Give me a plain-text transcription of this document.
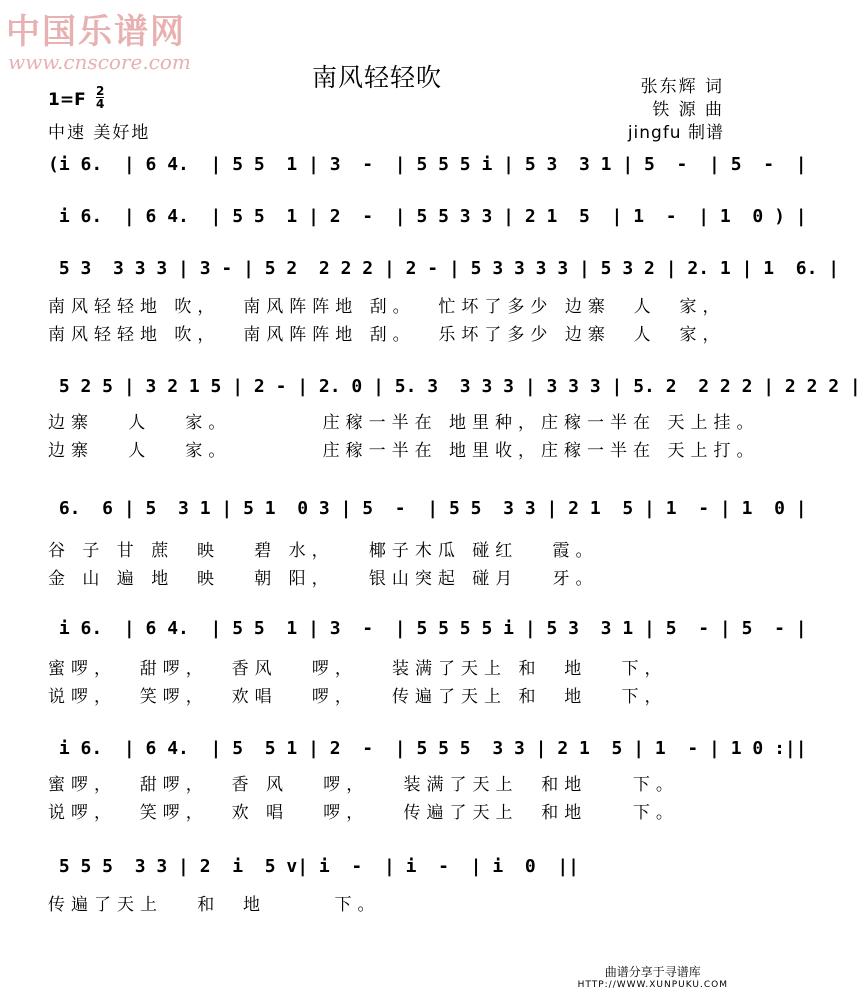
中国乐谱网
www.cnscore.com
南风轻轻吹	张东辉 词
铁 源 曲
jingfu 制谱
1=F 2
4
中速 美好地
(i 6.  | 6 4.  | 5 5  1 | 3  -  | 5 5 5 i | 5 3  3 1 | 5  -  | 5  -  |
i 6.  | 6 4.  | 5 5  1 | 2  -  | 5 5 3 3 | 2 1  5  | 1  -  | 1  0 ) |
5 3  3 3 3 | 3 - | 5 2  2 2 2 | 2 - | 5 3 3 3 3 | 5 3 2 | 2. 1 | 1  6. |
南风轻轻地 吹，  南风阵阵地 刮。  忙坏了多少 边寨  人  家，
南风轻轻地 吹，  南风阵阵地 刮。  乐坏了多少 边寨  人  家，
5 2 5 | 3 2 1 5 | 2 - | 2. 0 | 5. 3  3 3 3 | 3 3 3 | 5. 2  2 2 2 | 2 2 2 |
边寨   人   家。        庄稼一半在 地里种，庄稼一半在 天上挂。
边寨   人   家。        庄稼一半在 地里收，庄稼一半在 天上打。
6.  6 | 5  3 1 | 5 1  0 3 | 5  -  | 5 5  3 3 | 2 1  5 | 1  - | 1  0 |
谷 子 甘 蔗  映   碧 水，   椰子木瓜 碰红   霞。
金 山 遍 地  映   朝 阳，   银山突起 碰月   牙。
i 6.  | 6 4.  | 5 5  1 | 3  -  | 5 5 5 5 i | 5 3  3 1 | 5  - | 5  - |
蜜啰，  甜啰，  香风   啰，   装满了天上 和  地   下，
说啰，  笑啰，  欢唱   啰，   传遍了天上 和  地   下，
i 6.  | 6 4.  | 5  5 1 | 2  -  | 5 5 5  3 3 | 2 1  5 | 1  - | 1 0 :||
蜜啰，  甜啰，  香 风   啰，   装满了天上  和地    下。
说啰，  笑啰，  欢 唱   啰，   传遍了天上  和地    下。
5 5 5  3 3 | 2  i  5 v| i  -  | i  -  | i  0  ||
传遍了天上   和  地      下。
曲谱分享于寻谱库
HTTP://WWW.XUNPUKU.COM
